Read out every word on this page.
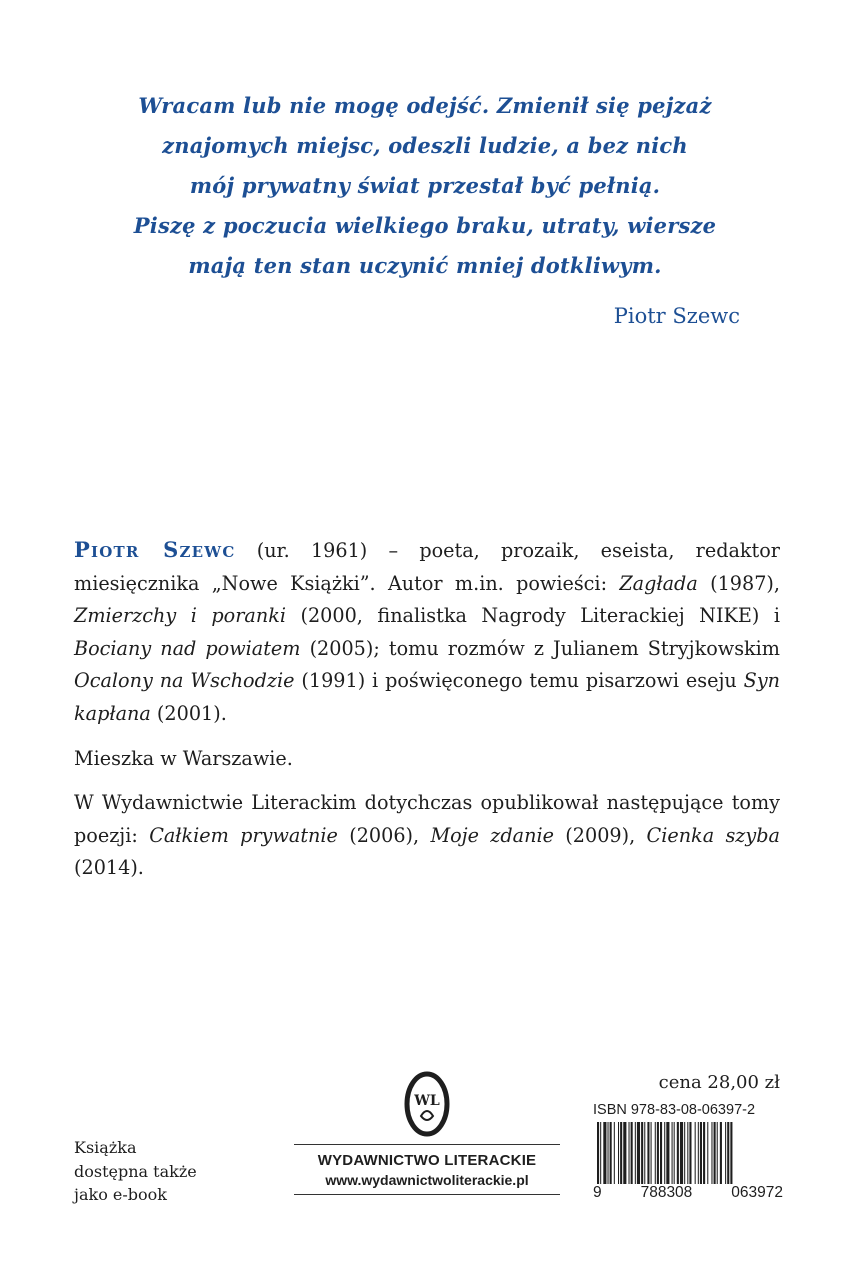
Wracam lub nie mogę odejść. Zmienił się pejzaż
znajomych miejsc, odeszli ludzie, a bez nich
mój prywatny świat przestał być pełnią.
Piszę z poczucia wielkiego braku, utraty, wiersze
mają ten stan uczynić mniej dotkliwym.
Piotr Szewc

Piotr Szewc (ur. 1961) – poeta, prozaik, eseista, redaktor miesięcznika „Nowe Książki”. Autor m.in. powieści: Zagłada (1987), Zmierzchy i poranki (2000, finalistka Nagrody Literackiej NIKE) i Bociany nad powiatem (2005); tomu rozmów z Julianem Stryjkowskim Ocalony na Wschodzie (1991) i poświęconego temu pisarzowi eseju Syn kapłana (2001).

Mieszka w Warszawie.

W Wydawnictwie Literackim dotychczas opublikował następujące tomy poezji: Całkiem prywatnie (2006), Moje zdanie (2009), Cienka szyba (2014).

Książka
dostępna także
jako e-book
WL
WYDAWNICTWO LITERACKIE
www.wydawnictwoliterackie.pl
cena 28,00 zł
ISBN 978-83-08-06397-2
9	788308	063972
